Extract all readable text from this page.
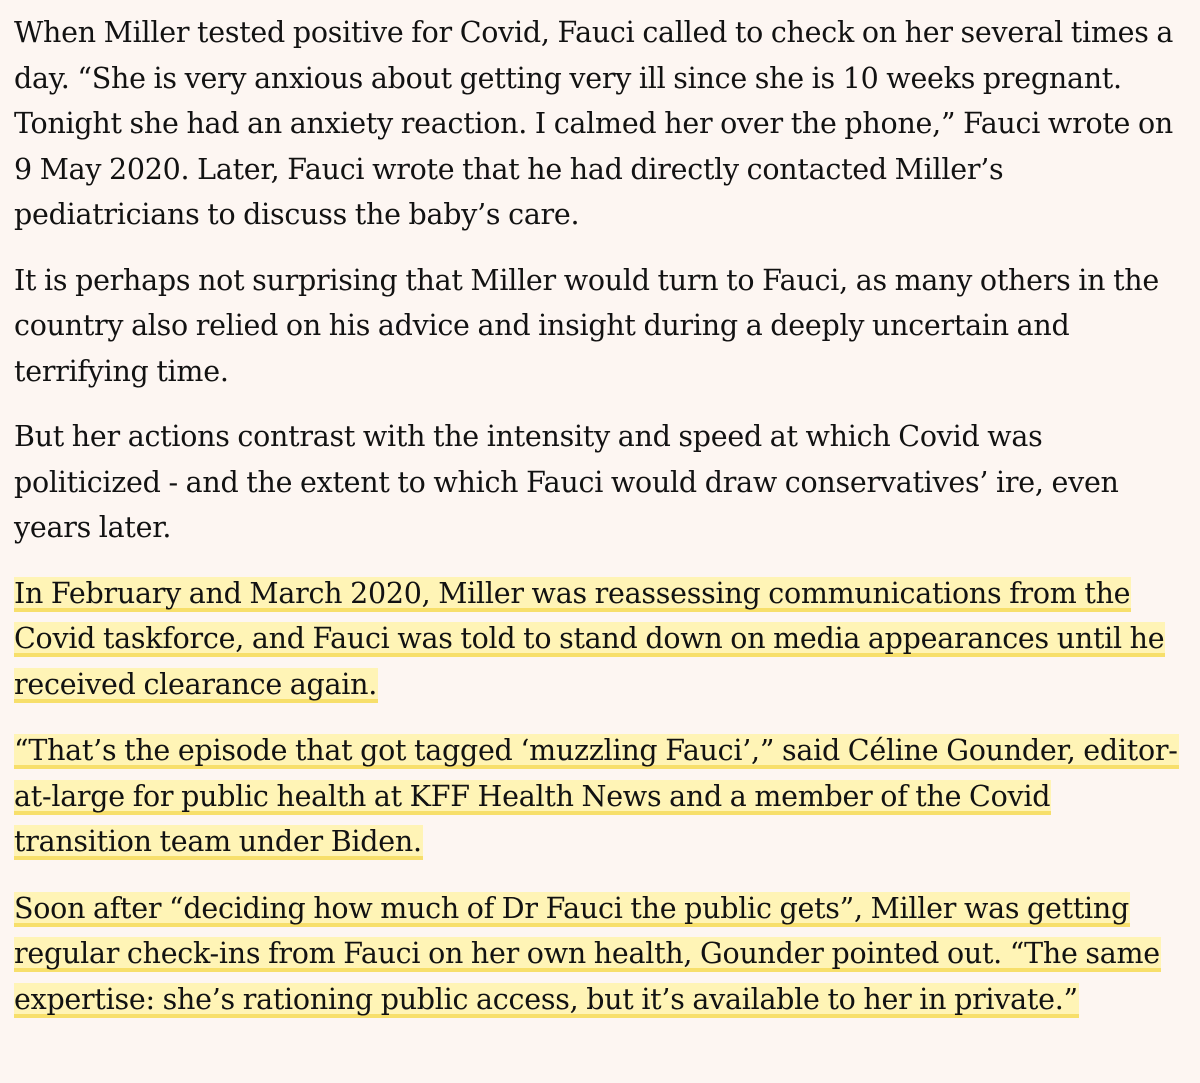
When Miller tested positive for Covid, Fauci called to check on her several times a day. “She is very anxious about getting very ill since she is 10 weeks pregnant. Tonight she had an anxiety reaction. I calmed her over the phone,” Fauci wrote on 9 May 2020. Later, Fauci wrote that he had directly contacted Miller’s pediatricians to discuss the baby’s care.

It is perhaps not surprising that Miller would turn to Fauci, as many others in the country also relied on his advice and insight during a deeply uncertain and terrifying time.

But her actions contrast with the intensity and speed at which Covid was politicized - and the extent to which Fauci would draw conservatives’ ire, even years later.

In February and March 2020, Miller was reassessing communications from the Covid taskforce, and Fauci was told to stand down on media appearances until he received clearance again.

“That’s the episode that got tagged ‘muzzling Fauci’,” said Céline Gounder, editor-at-large for public health at KFF Health News and a member of the Covid transition team under Biden.

Soon after “deciding how much of Dr Fauci the public gets”, Miller was getting regular check-ins from Fauci on her own health, Gounder pointed out. “The same expertise: she’s rationing public access, but it’s available to her in private.”
